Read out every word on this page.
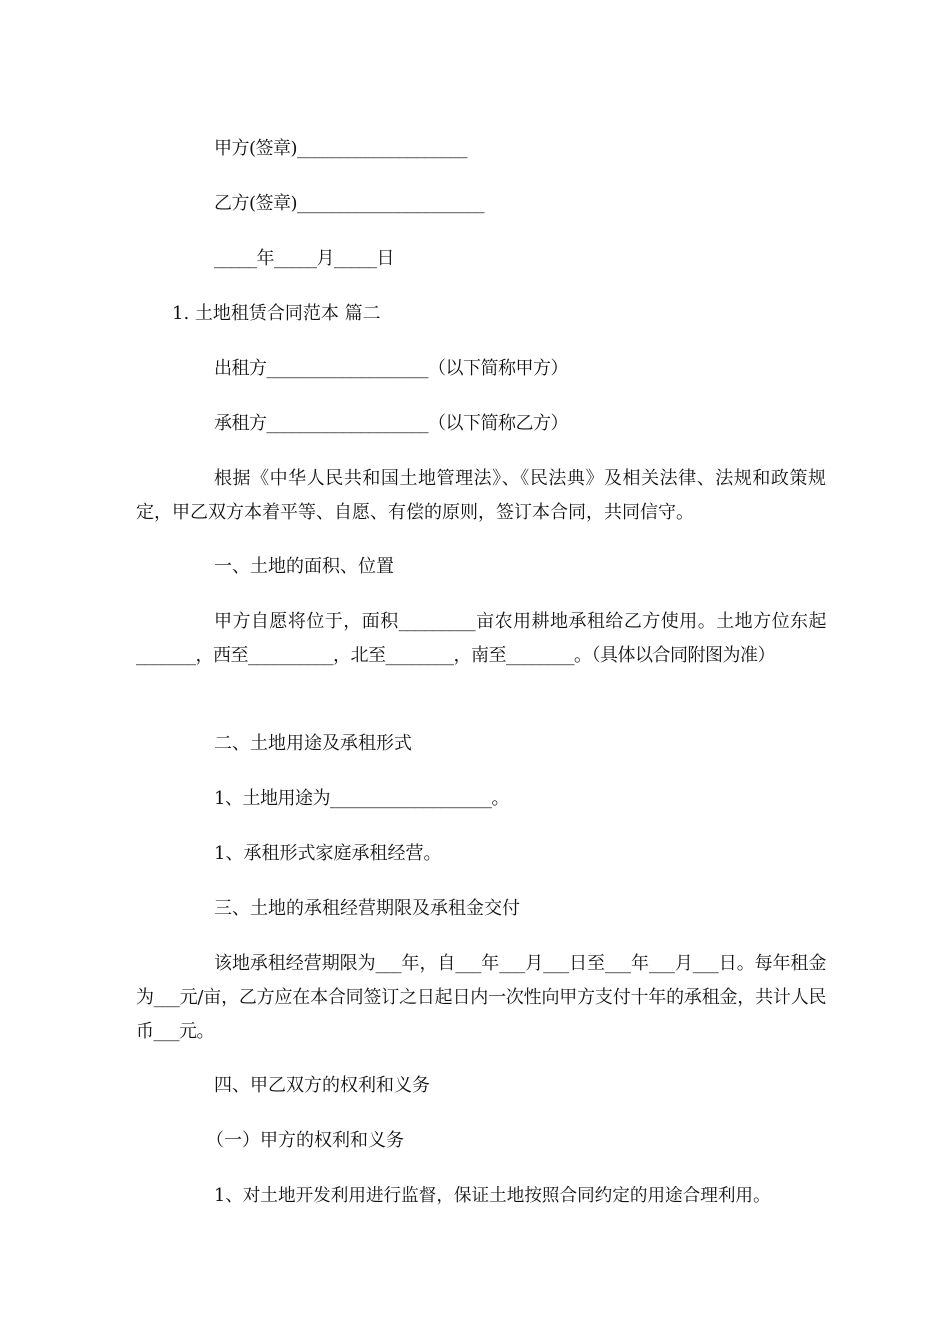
甲方(签章)____________________
乙方(签章)______________________
_____年_____月_____日
1. 土地租赁合同范本 篇二
出租方___________________（以下简称甲方）
承租方___________________（以下简称乙方）
根据《中华人民共和国土地管理法》、《民法典》及相关法律、法规和政策规定，甲乙双方本着平等、自愿、有偿的原则，签订本合同，共同信守。
一、土地的面积、位置
甲方自愿将位于，面积_________亩农用耕地承租给乙方使用。土地方位东起_______，西至__________，北至________，南至________。（具体以合同附图为准）
二、土地用途及承租形式
1、土地用途为___________________。
1、承租形式家庭承租经营。
三、土地的承租经营期限及承租金交付
该地承租经营期限为___年，自___年___月___日至___年___月___日。每年租金为___元/亩，乙方应在本合同签订之日起日内一次性向甲方支付十年的承租金，共计人民币___元。
四、甲乙双方的权利和义务
（一）甲方的权利和义务
1、对土地开发利用进行监督，保证土地按照合同约定的用途合理利用。
